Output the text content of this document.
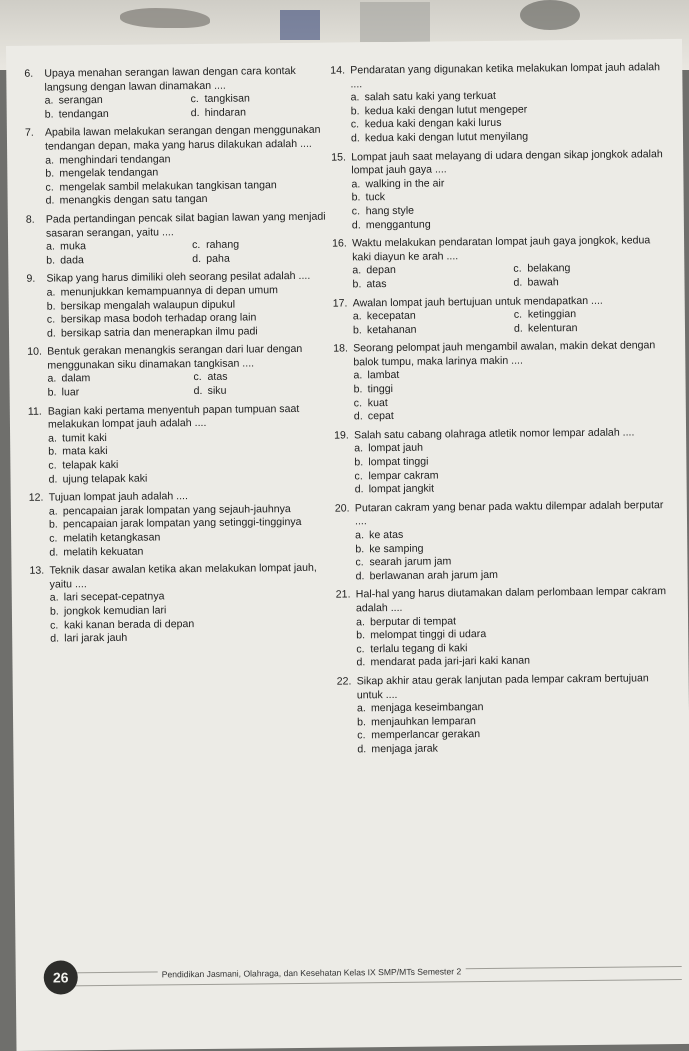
6.	Upaya menahan serangan lawan dengan cara kontak langsung dengan lawan dinamakan ....
a. serangan	c. tangkisan
b. tendangan	d. hindaran
7.	Apabila lawan melakukan serangan dengan menggunakan tendangan depan, maka yang harus dilakukan adalah ....
a. menghindari tendangan
b. mengelak tendangan
c. mengelak sambil melakukan tangkisan tangan
d. menangkis dengan satu tangan
8.	Pada pertandingan pencak silat bagian lawan yang menjadi sasaran serangan, yaitu ....
a. muka	c. rahang
b. dada	d. paha
9.	Sikap yang harus dimiliki oleh seorang pesilat adalah ....
a. menunjukkan kemampuannya di depan umum
b. bersikap mengalah walaupun dipukul
c. bersikap masa bodoh terhadap orang lain
d. bersikap satria dan menerapkan ilmu padi
10. Bentuk gerakan menangkis serangan dari luar dengan menggunakan siku dinamakan tangkisan ....
a. dalam	c. atas
b. luar	d. siku
11. Bagian kaki pertama menyentuh papan tumpuan saat melakukan lompat jauh adalah ....
a. tumit kaki
b. mata kaki
c. telapak kaki
d. ujung telapak kaki
12. Tujuan lompat jauh adalah ....
a. pencapaian jarak lompatan yang sejauh-jauhnya
b. pencapaian jarak lompatan yang setinggi-tingginya
c. melatih ketangkasan
d. melatih kekuatan
13. Teknik dasar awalan ketika akan melakukan lompat jauh, yaitu ....
a. lari secepat-cepatnya
b. jongkok kemudian lari
c. kaki kanan berada di depan
d. lari jarak jauh
14. Pendaratan yang digunakan ketika melakukan lompat jauh adalah ....
a. salah satu kaki yang terkuat
b. kedua kaki dengan lutut mengeper
c. kedua kaki dengan kaki lurus
d. kedua kaki dengan lutut menyilang
15. Lompat jauh saat melayang di udara dengan sikap jongkok adalah lompat jauh gaya ....
a. walking in the air
b. tuck
c. hang style
d. menggantung
16. Waktu melakukan pendaratan lompat jauh gaya jongkok, kedua kaki diayun ke arah ....
a. depan	c. belakang
b. atas	d. bawah
17. Awalan lompat jauh bertujuan untuk mendapatkan ....
a. kecepatan	c. ketinggian
b. ketahanan	d. kelenturan
18. Seorang pelompat jauh mengambil awalan, makin dekat dengan balok tumpu, maka larinya makin ....
a. lambat
b. tinggi
c. kuat
d. cepat
19. Salah satu cabang olahraga atletik nomor lempar adalah ....
a. lompat jauh
b. lompat tinggi
c. lempar cakram
d. lompat jangkit
20. Putaran cakram yang benar pada waktu dilempar adalah berputar ....
a. ke atas
b. ke samping
c. searah jarum jam
d. berlawanan arah jarum jam
21. Hal-hal yang harus diutamakan dalam perlombaan lempar cakram adalah ....
a. berputar di tempat
b. melompat tinggi di udara
c. terlalu tegang di kaki
d. mendarat pada jari-jari kaki kanan
22. Sikap akhir atau gerak lanjutan pada lempar cakram bertujuan untuk ....
a. menjaga keseimbangan
b. menjauhkan lemparan
c. memperlancar gerakan
d. menjaga jarak
26	Pendidikan Jasmani, Olahraga, dan Kesehatan Kelas IX SMP/MTs Semester 2
